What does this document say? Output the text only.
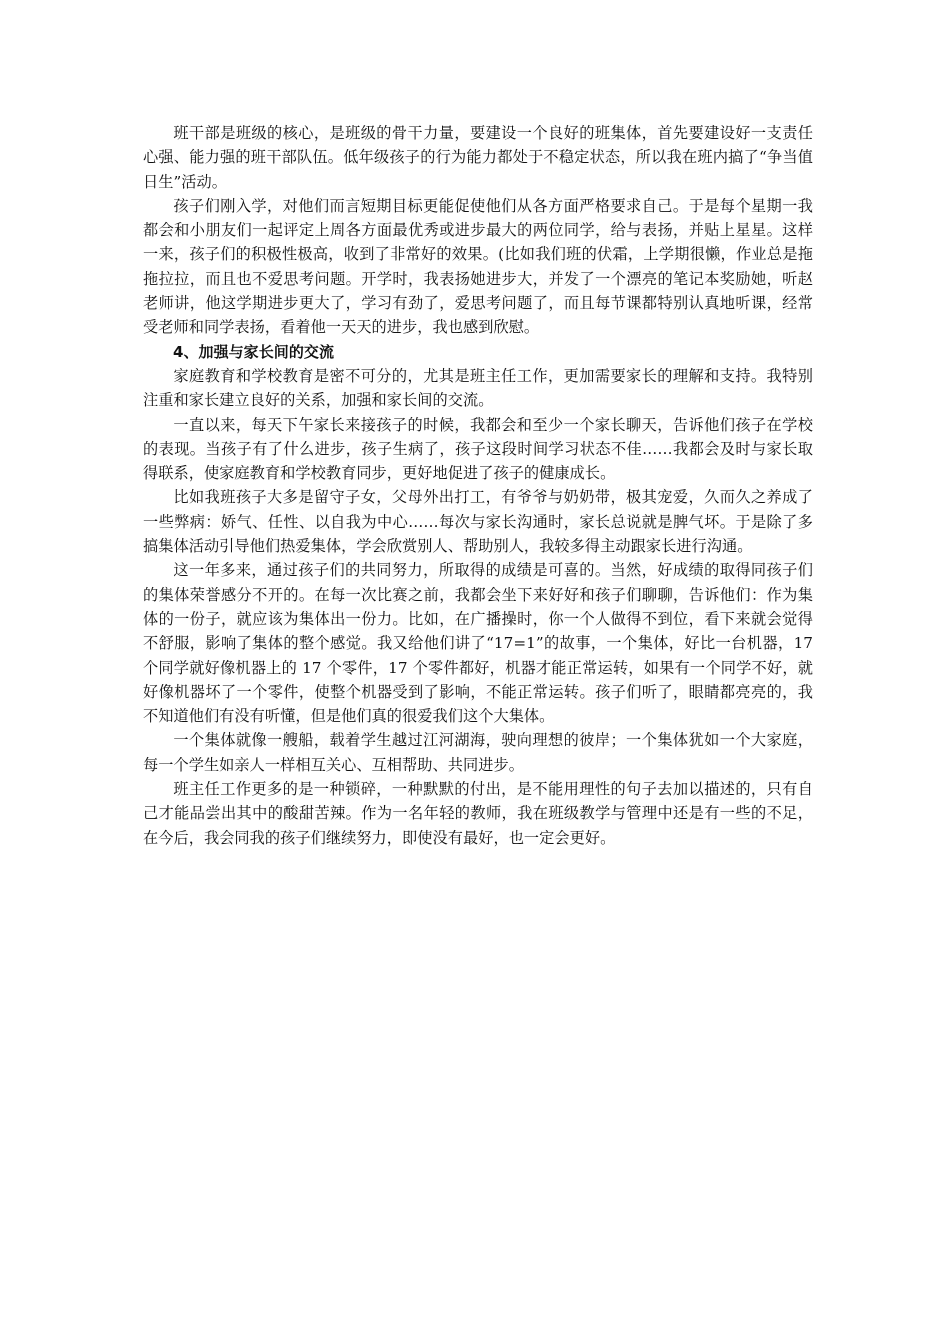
班干部是班级的核心，是班级的骨干力量，要建设一个良好的班集体，首先要建设好一支责任心强、能力强的班干部队伍。低年级孩子的行为能力都处于不稳定状态，所以我在班内搞了“争当值日生”活动。

孩子们刚入学，对他们而言短期目标更能促使他们从各方面严格要求自己。于是每个星期一我都会和小朋友们一起评定上周各方面最优秀或进步最大的两位同学，给与表扬，并贴上星星。这样一来，孩子们的积极性极高，收到了非常好的效果。(比如我们班的伏霜，上学期很懒，作业总是拖拖拉拉，而且也不爱思考问题。开学时，我表扬她进步大，并发了一个漂亮的笔记本奖励她，听赵老师讲，他这学期进步更大了，学习有劲了，爱思考问题了，而且每节课都特别认真地听课，经常受老师和同学表扬，看着他一天天的进步，我也感到欣慰。

4、加强与家长间的交流

家庭教育和学校教育是密不可分的，尤其是班主任工作，更加需要家长的理解和支持。我特别注重和家长建立良好的关系，加强和家长间的交流。

一直以来，每天下午家长来接孩子的时候，我都会和至少一个家长聊天，告诉他们孩子在学校的表现。当孩子有了什么进步，孩子生病了，孩子这段时间学习状态不佳……我都会及时与家长取得联系，使家庭教育和学校教育同步，更好地促进了孩子的健康成长。

比如我班孩子大多是留守子女，父母外出打工，有爷爷与奶奶带，极其宠爱，久而久之养成了一些弊病：娇气、任性、以自我为中心……每次与家长沟通时，家长总说就是脾气坏。于是除了多搞集体活动引导他们热爱集体，学会欣赏别人、帮助别人，我较多得主动跟家长进行沟通。

这一年多来，通过孩子们的共同努力，所取得的成绩是可喜的。当然，好成绩的取得同孩子们的集体荣誉感分不开的。在每一次比赛之前，我都会坐下来好好和孩子们聊聊，告诉他们：作为集体的一份子，就应该为集体出一份力。比如，在广播操时，你一个人做得不到位，看下来就会觉得不舒服，影响了集体的整个感觉。我又给他们讲了“17=1”的故事，一个集体，好比一台机器，17 个同学就好像机器上的 17 个零件，17 个零件都好，机器才能正常运转，如果有一个同学不好，就好像机器坏了一个零件，使整个机器受到了影响，不能正常运转。孩子们听了，眼睛都亮亮的，我不知道他们有没有听懂，但是他们真的很爱我们这个大集体。

一个集体就像一艘船，载着学生越过江河湖海，驶向理想的彼岸；一个集体犹如一个大家庭，每一个学生如亲人一样相互关心、互相帮助、共同进步。

班主任工作更多的是一种锁碎，一种默默的付出，是不能用理性的句子去加以描述的，只有自己才能品尝出其中的酸甜苦辣。作为一名年轻的教师，我在班级教学与管理中还是有一些的不足，在今后，我会同我的孩子们继续努力，即使没有最好，也一定会更好。
